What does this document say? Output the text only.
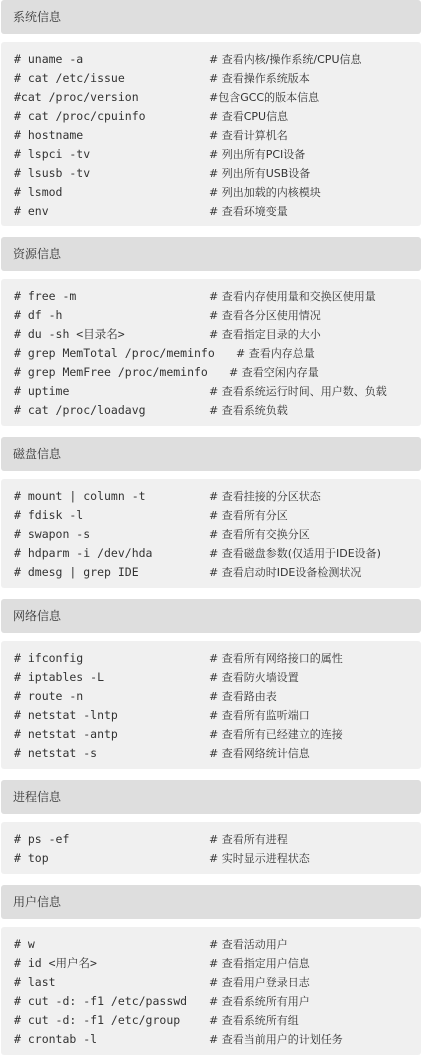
系统信息
# uname -a	# 查看内核/操作系统/CPU信息
# cat /etc/issue	# 查看操作系统版本
#cat /proc/version	#包含GCC的版本信息
# cat /proc/cpuinfo	# 查看CPU信息
# hostname	# 查看计算机名
# lspci -tv	# 列出所有PCI设备
# lsusb -tv	# 列出所有USB设备
# lsmod	# 列出加载的内核模块
# env	# 查看环境变量
资源信息
# free -m	# 查看内存使用量和交换区使用量
# df -h	# 查看各分区使用情况
# du -sh <目录名>	# 查看指定目录的大小
# grep MemTotal /proc/meminfo # 查看内存总量
# grep MemFree /proc/meminfo # 查看空闲内存量
# uptime	# 查看系统运行时间、用户数、负载
# cat /proc/loadavg	# 查看系统负载
磁盘信息
# mount | column -t	# 查看挂接的分区状态
# fdisk -l	# 查看所有分区
# swapon -s	# 查看所有交换分区
# hdparm -i /dev/hda	# 查看磁盘参数(仅适用于IDE设备)
# dmesg | grep IDE	# 查看启动时IDE设备检测状况
网络信息
# ifconfig	# 查看所有网络接口的属性
# iptables -L	# 查看防火墙设置
# route -n	# 查看路由表
# netstat -lntp	# 查看所有监听端口
# netstat -antp	# 查看所有已经建立的连接
# netstat -s	# 查看网络统计信息
进程信息
# ps -ef	# 查看所有进程
# top	# 实时显示进程状态
用户信息
# w	# 查看活动用户
# id <用户名>	# 查看指定用户信息
# last	# 查看用户登录日志
# cut -d: -f1 /etc/passwd # 查看系统所有用户
# cut -d: -f1 /etc/group	# 查看系统所有组
# crontab -l	# 查看当前用户的计划任务
